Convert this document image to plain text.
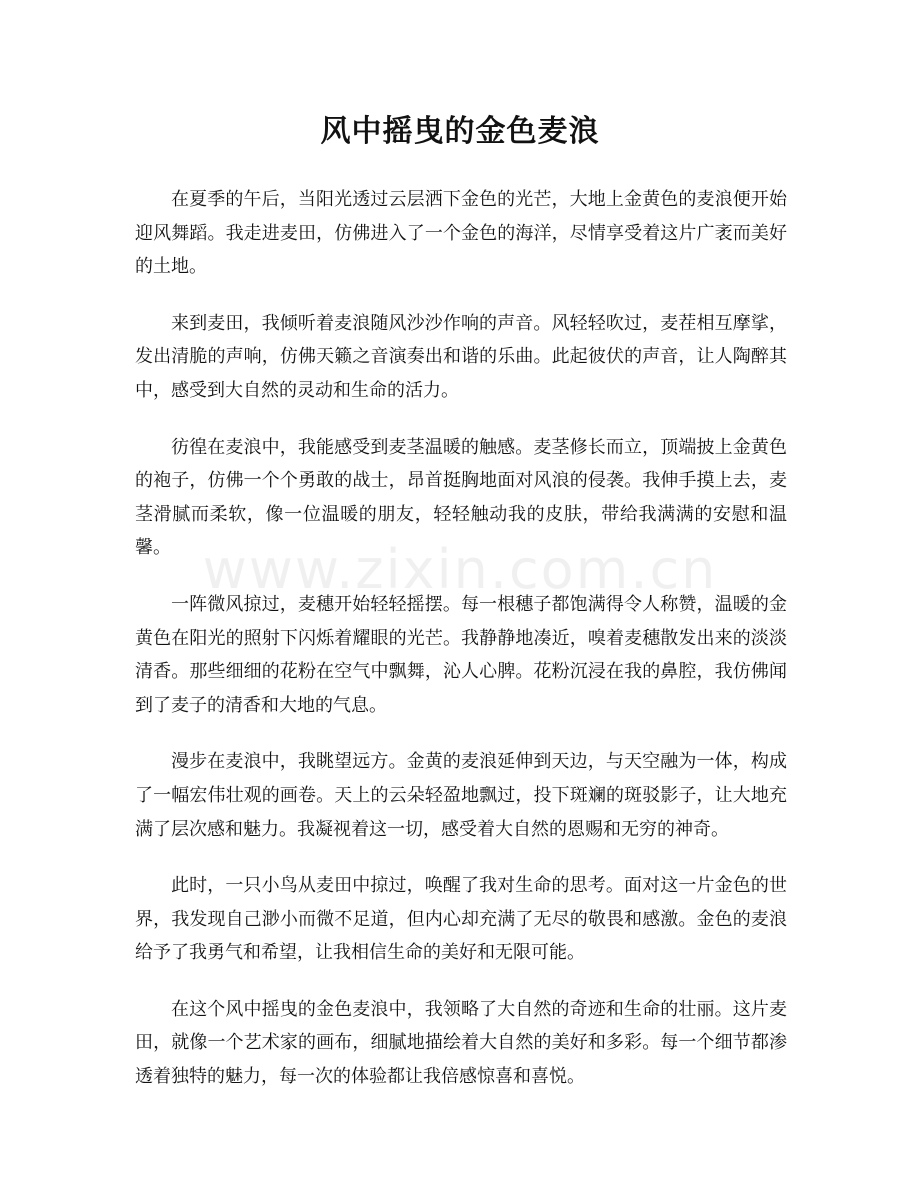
风中摇曳的金色麦浪

在夏季的午后，当阳光透过云层洒下金色的光芒，大地上金黄色的麦浪便开始迎风舞蹈。我走进麦田，仿佛进入了一个金色的海洋，尽情享受着这片广袤而美好的土地。

来到麦田，我倾听着麦浪随风沙沙作响的声音。风轻轻吹过，麦茬相互摩挲，发出清脆的声响，仿佛天籁之音演奏出和谐的乐曲。此起彼伏的声音，让人陶醉其中，感受到大自然的灵动和生命的活力。

彷徨在麦浪中，我能感受到麦茎温暖的触感。麦茎修长而立，顶端披上金黄色的袍子，仿佛一个个勇敢的战士，昂首挺胸地面对风浪的侵袭。我伸手摸上去，麦茎滑腻而柔软，像一位温暖的朋友，轻轻触动我的皮肤，带给我满满的安慰和温馨。

一阵微风掠过，麦穗开始轻轻摇摆。每一根穗子都饱满得令人称赞，温暖的金黄色在阳光的照射下闪烁着耀眼的光芒。我静静地凑近，嗅着麦穗散发出来的淡淡清香。那些细细的花粉在空气中飘舞，沁人心脾。花粉沉浸在我的鼻腔，我仿佛闻到了麦子的清香和大地的气息。

漫步在麦浪中，我眺望远方。金黄的麦浪延伸到天边，与天空融为一体，构成了一幅宏伟壮观的画卷。天上的云朵轻盈地飘过，投下斑斓的斑驳影子，让大地充满了层次感和魅力。我凝视着这一切，感受着大自然的恩赐和无穷的神奇。

此时，一只小鸟从麦田中掠过，唤醒了我对生命的思考。面对这一片金色的世界，我发现自己渺小而微不足道，但内心却充满了无尽的敬畏和感激。金色的麦浪给予了我勇气和希望，让我相信生命的美好和无限可能。

在这个风中摇曳的金色麦浪中，我领略了大自然的奇迹和生命的壮丽。这片麦田，就像一个艺术家的画布，细腻地描绘着大自然的美好和多彩。每一个细节都渗透着独特的魅力，每一次的体验都让我倍感惊喜和喜悦。

www.zixin.com.cn
